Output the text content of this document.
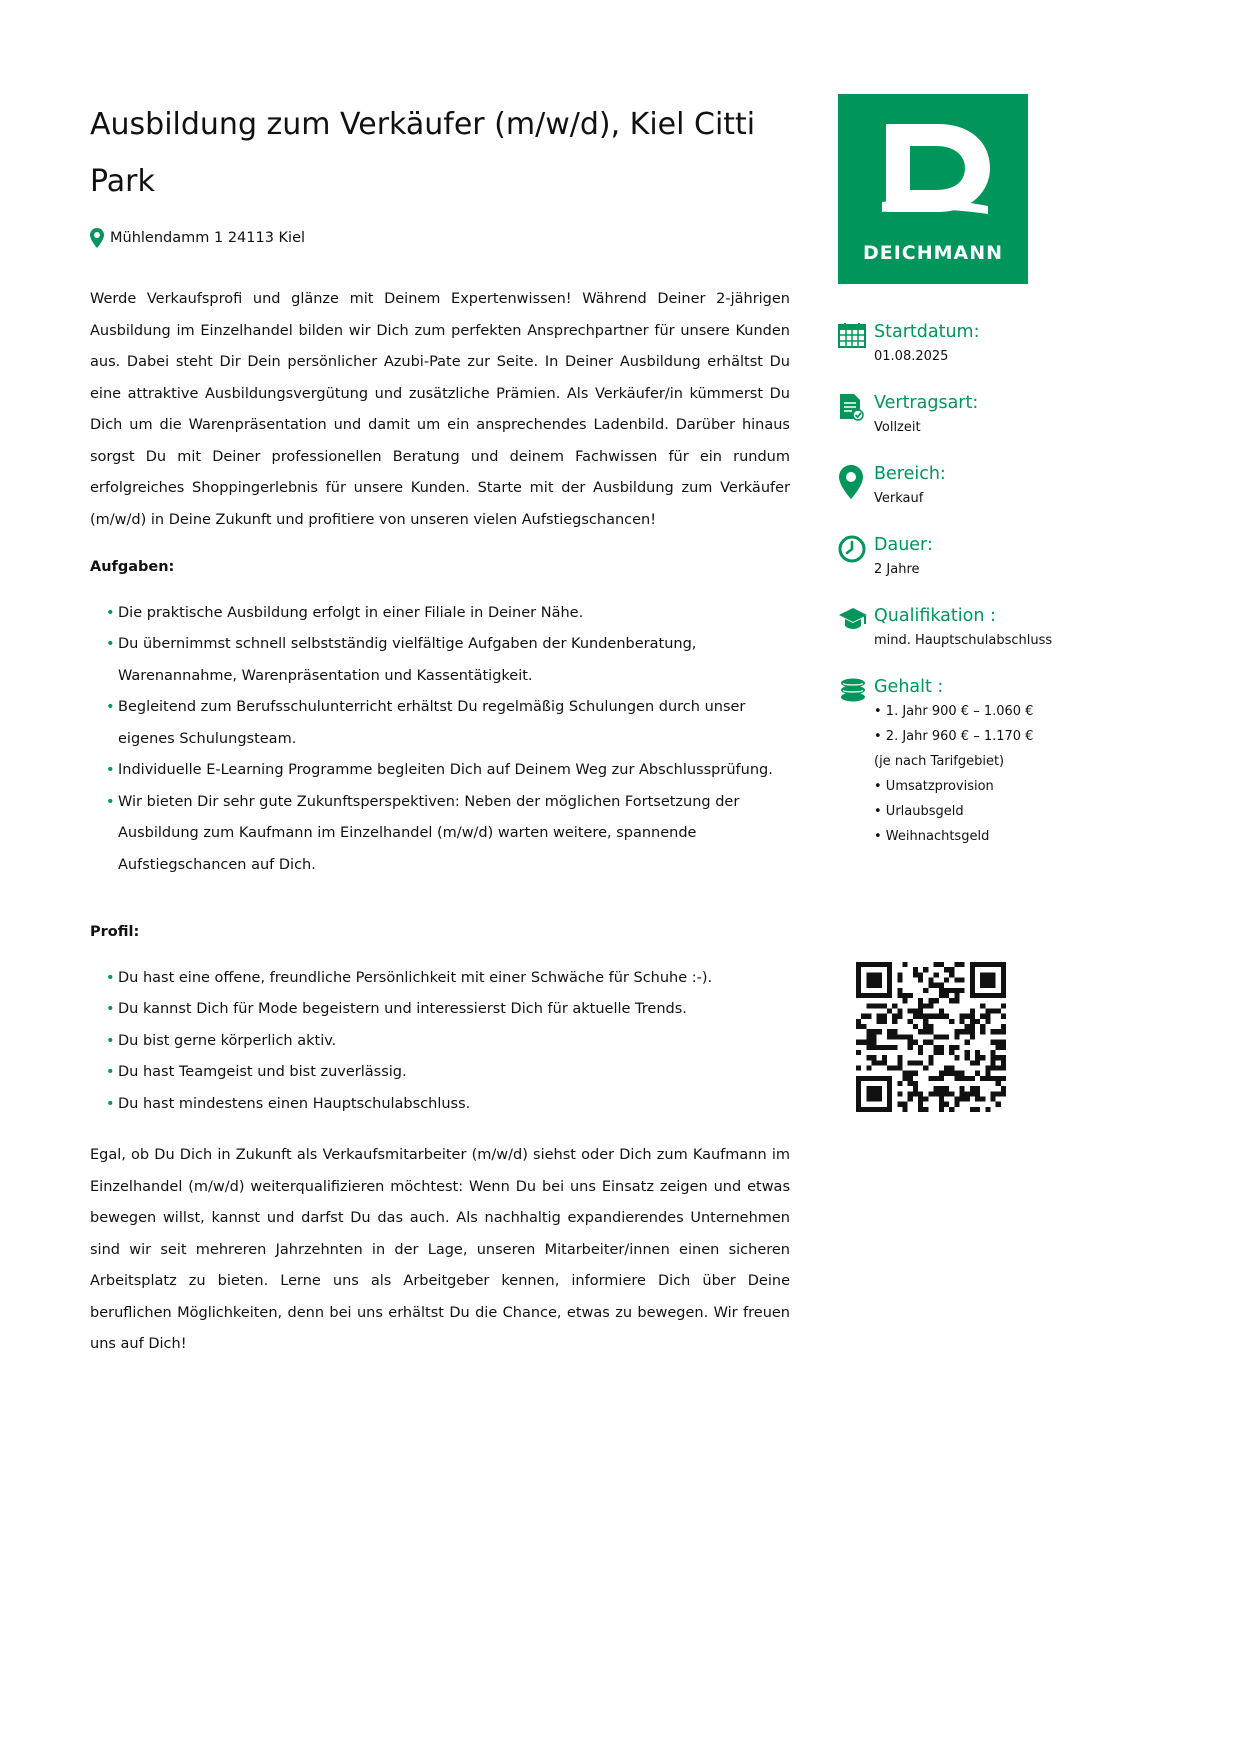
Ausbildung zum Verkäufer (m/w/d), Kiel Citti Park
Mühlendamm 1 24113 Kiel

Werde Verkaufsprofi und glänze mit Deinem Expertenwissen! Während Deiner 2-jährigen Ausbildung im Einzelhandel bilden wir Dich zum perfekten Ansprechpartner für unsere Kunden aus. Dabei steht Dir Dein persönlicher Azubi-Pate zur Seite. In Deiner Ausbildung erhältst Du eine attraktive Ausbildungsvergütung und zusätzliche Prämien. Als Verkäufer/in kümmerst Du Dich um die Warenpräsentation und damit um ein ansprechendes Ladenbild. Darüber hinaus sorgst Du mit Deiner professionellen Beratung und deinem Fachwissen für ein rundum erfolgreiches Shoppingerlebnis für unsere Kunden. Starte mit der Ausbildung zum Verkäufer (m/w/d) in Deine Zukunft und profitiere von unseren vielen Aufstiegschancen!

Aufgaben:
• Die praktische Ausbildung erfolgt in einer Filiale in Deiner Nähe.
• Du übernimmst schnell selbstständig vielfältige Aufgaben der Kundenberatung, Warenannahme, Warenpräsentation und Kassentätigkeit.
• Begleitend zum Berufsschulunterricht erhältst Du regelmäßig Schulungen durch unser eigenes Schulungsteam.
• Individuelle E-Learning Programme begleiten Dich auf Deinem Weg zur Abschlussprüfung.
• Wir bieten Dir sehr gute Zukunftsperspektiven: Neben der möglichen Fortsetzung der Ausbildung zum Kaufmann im Einzelhandel (m/w/d) warten weitere, spannende Aufstiegschancen auf Dich.
Profil:
• Du hast eine offene, freundliche Persönlichkeit mit einer Schwäche für Schuhe :-).
• Du kannst Dich für Mode begeistern und interessierst Dich für aktuelle Trends.
• Du bist gerne körperlich aktiv.
• Du hast Teamgeist und bist zuverlässig.
• Du hast mindestens einen Hauptschulabschluss.

Egal, ob Du Dich in Zukunft als Verkaufsmitarbeiter (m/w/d) siehst oder Dich zum Kaufmann im Einzelhandel (m/w/d) weiterqualifizieren möchtest: Wenn Du bei uns Einsatz zeigen und etwas bewegen willst, kannst und darfst Du das auch. Als nachhaltig expandierendes Unternehmen sind wir seit mehreren Jahrzehnten in der Lage, unseren Mitarbeiter/innen einen sicheren Arbeitsplatz zu bieten. Lerne uns als Arbeitgeber kennen, informiere Dich über Deine beruflichen Möglichkeiten, denn bei uns erhältst Du die Chance, etwas zu bewegen. Wir freuen uns auf Dich!

DEICHMANN
Startdatum:
01.08.2025
Vertragsart:
Vollzeit
Bereich:
Verkauf
Dauer:
2 Jahre
Qualifikation :
mind. Hauptschulabschluss
Gehalt :
• 1. Jahr 900 € – 1.060 €
• 2. Jahr 960 € – 1.170 €
(je nach Tarifgebiet)
• Umsatzprovision
• Urlaubsgeld
• Weihnachtsgeld
